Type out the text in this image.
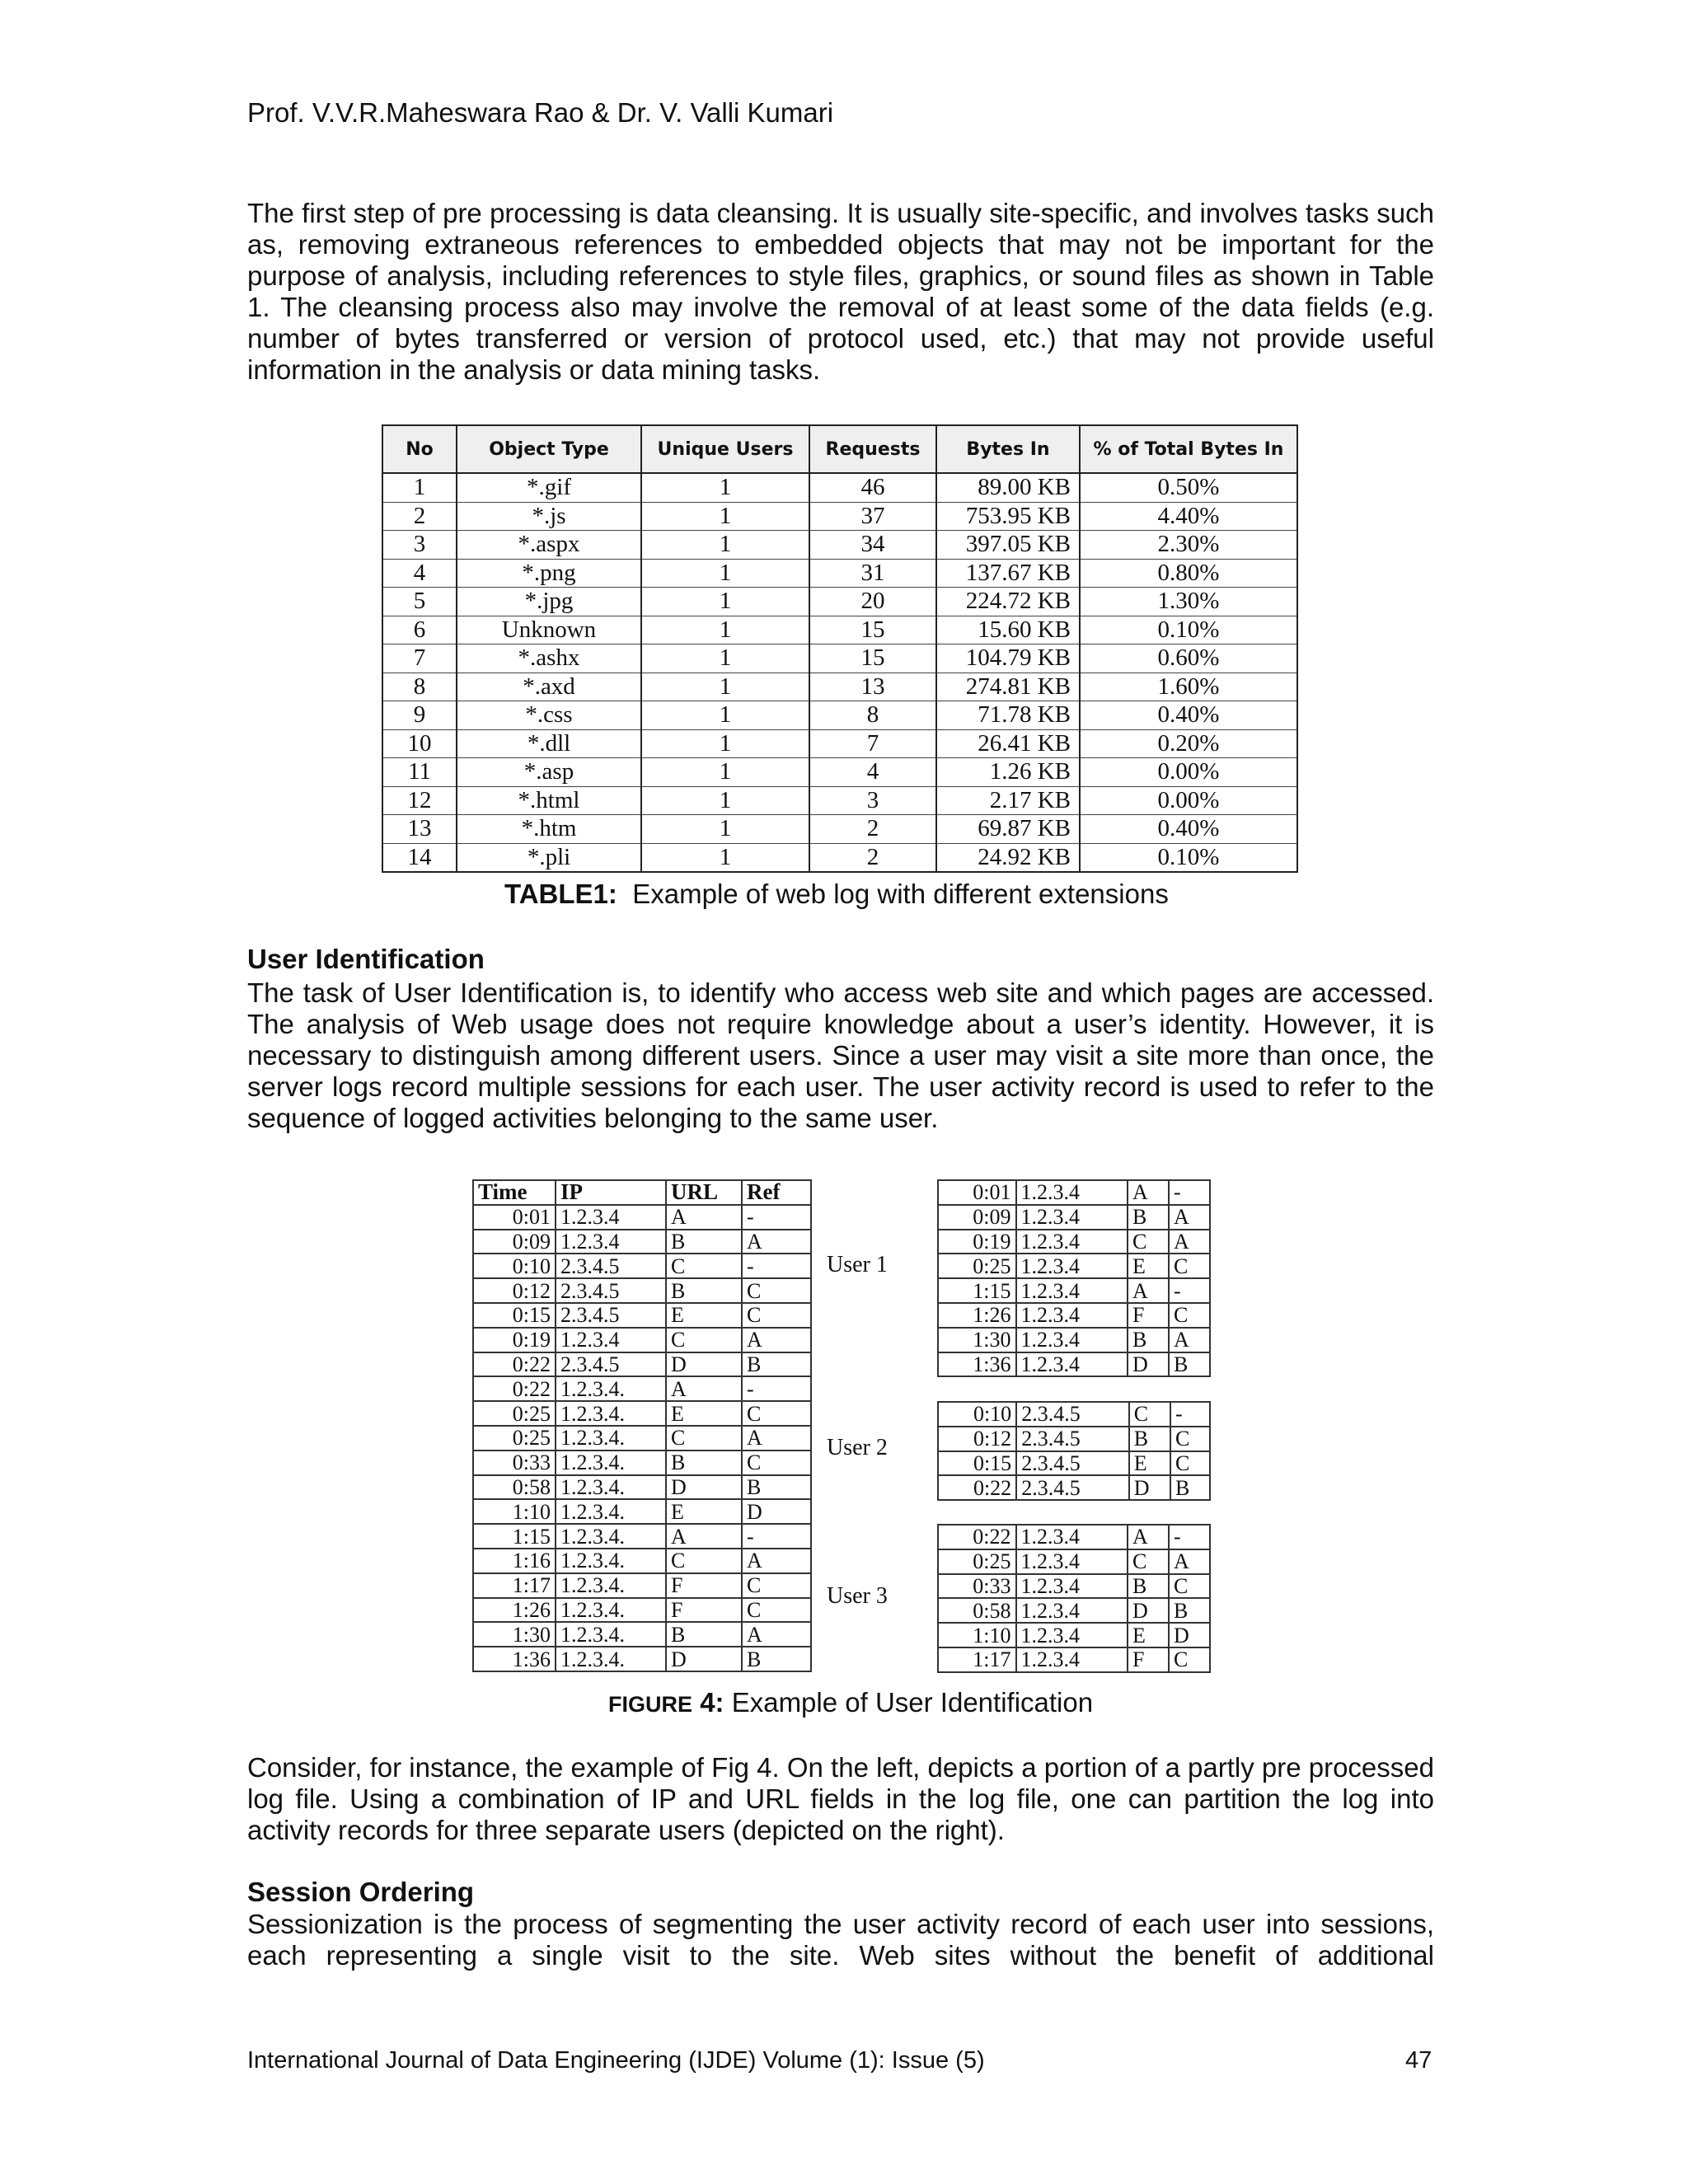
Prof. V.V.R.Maheswara Rao & Dr. V. Valli Kumari

The first step of pre processing is data cleansing. It is usually site-specific, and involves tasks such as, removing extraneous references to embedded objects that may not be important for the purpose of analysis, including references to style files, graphics, or sound files as shown in Table 1. The cleansing process also may involve the removal of at least some of the data fields (e.g. number of bytes transferred or version of protocol used, etc.) that may not provide useful information in the analysis or data mining tasks.

No	Object Type	Unique Users	Requests	Bytes In	% of Total Bytes In
1	*.gif	1	46	89.00 KB	0.50%
2	*.js	1	37	753.95 KB	4.40%
3	*.aspx	1	34	397.05 KB	2.30%
4	*.png	1	31	137.67 KB	0.80%
5	*.jpg	1	20	224.72 KB	1.30%
6	Unknown	1	15	15.60 KB	0.10%
7	*.ashx	1	15	104.79 KB	0.60%
8	*.axd	1	13	274.81 KB	1.60%
9	*.css	1	8	71.78 KB	0.40%
10	*.dll	1	7	26.41 KB	0.20%
11	*.asp	1	4	1.26 KB	0.00%
12	*.html	1	3	2.17 KB	0.00%
13	*.htm	1	2	69.87 KB	0.40%
14	*.pli	1	2	24.92 KB	0.10%
TABLE1: Example of web log with different extensions
User Identification

The task of User Identification is, to identify who access web site and which pages are accessed. The analysis of Web usage does not require knowledge about a user’s identity. However, it is necessary to distinguish among different users. Since a user may visit a site more than once, the server logs record multiple sessions for each user. The user activity record is used to refer to the sequence of logged activities belonging to the same user.

Time	IP	URL	Ref
0:01	1.2.3.4	A	-
0:09	1.2.3.4	B	A
0:10	2.3.4.5	C	-
0:12	2.3.4.5	B	C
0:15	2.3.4.5	E	C
0:19	1.2.3.4	C	A
0:22	2.3.4.5	D	B
0:22	1.2.3.4.	A	-
0:25	1.2.3.4.	E	C
0:25	1.2.3.4.	C	A
0:33	1.2.3.4.	B	C
0:58	1.2.3.4.	D	B
1:10	1.2.3.4.	E	D
1:15	1.2.3.4.	A	-
1:16	1.2.3.4.	C	A
1:17	1.2.3.4.	F	C
1:26	1.2.3.4.	F	C
1:30	1.2.3.4.	B	A
1:36	1.2.3.4.	D	B
User 1
User 2
User 3
0:01	1.2.3.4	A	-
0:09	1.2.3.4	B	A
0:19	1.2.3.4	C	A
0:25	1.2.3.4	E	C
1:15	1.2.3.4	A	-
1:26	1.2.3.4	F	C
1:30	1.2.3.4	B	A
1:36	1.2.3.4	D	B
0:10	2.3.4.5	C	-
0:12	2.3.4.5	B	C
0:15	2.3.4.5	E	C
0:22	2.3.4.5	D	B
0:22	1.2.3.4	A	-
0:25	1.2.3.4	C	A
0:33	1.2.3.4	B	C
0:58	1.2.3.4	D	B
1:10	1.2.3.4	E	D
1:17	1.2.3.4	F	C
FIGURE 4: Example of User Identification

Consider, for instance, the example of Fig 4. On the left, depicts a portion of a partly pre processed log file. Using a combination of IP and URL fields in the log file, one can partition the log into activity records for three separate users (depicted on the right).

Session Ordering

Sessionization is the process of segmenting the user activity record of each user into sessions, each representing a single visit to the site. Web sites without the benefit of additional

International Journal of Data Engineering (IJDE) Volume (1): Issue (5)	47
